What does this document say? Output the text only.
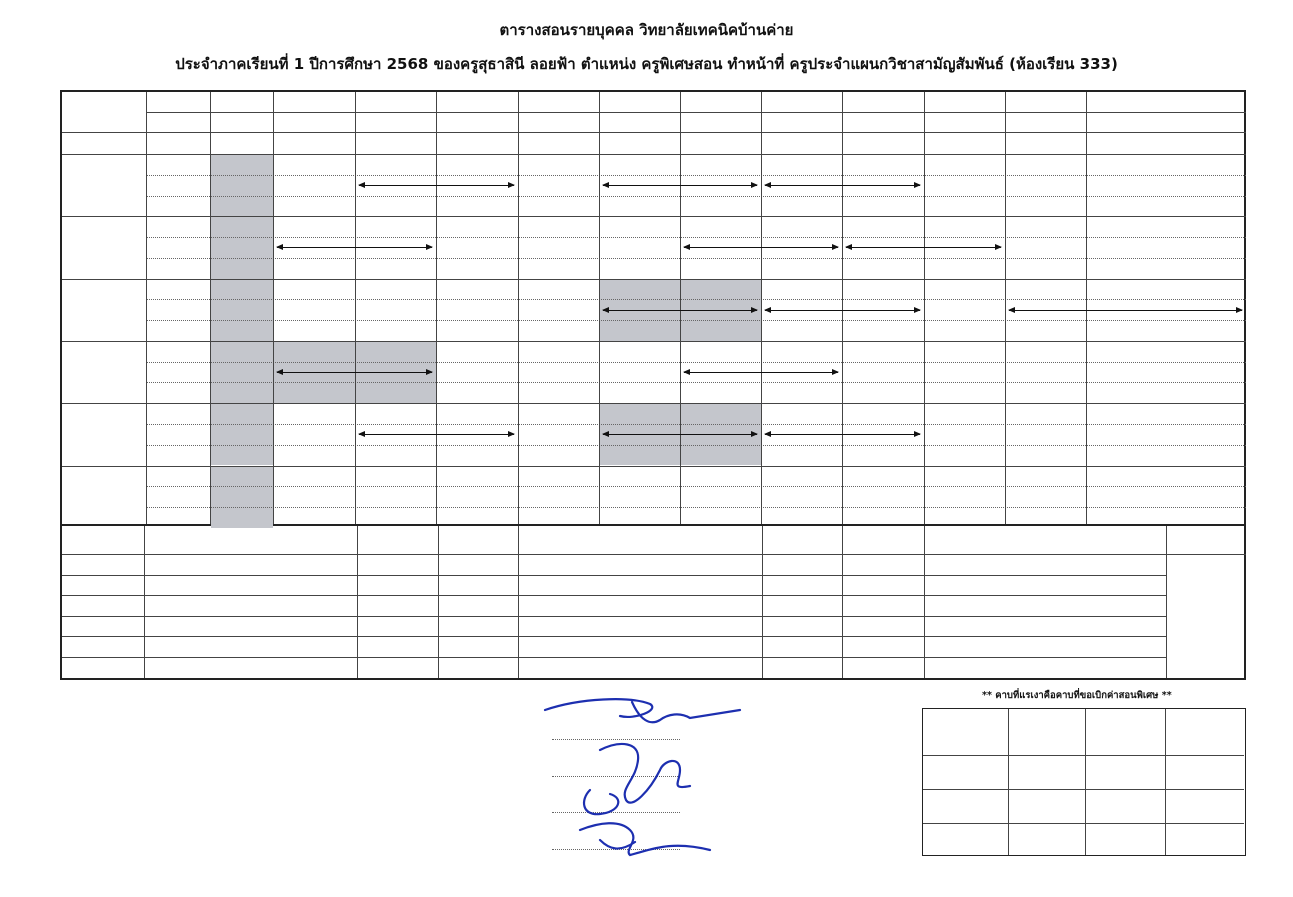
ตารางสอนรายบุคคล วิทยาลัยเทคนิคบ้านค่าย
ประจำภาคเรียนที่ 1 ปีการศึกษา 2568 ของครูสุธาสินี ลอยฟ้า ตำแหน่ง ครูพิเศษสอน ทำหน้าที่ ครูประจำแผนกวิชาสามัญสัมพันธ์ (ห้องเรียน 333)
** คาบที่แรเงาคือคาบที่ขอเบิกค่าสอนพิเศษ **
